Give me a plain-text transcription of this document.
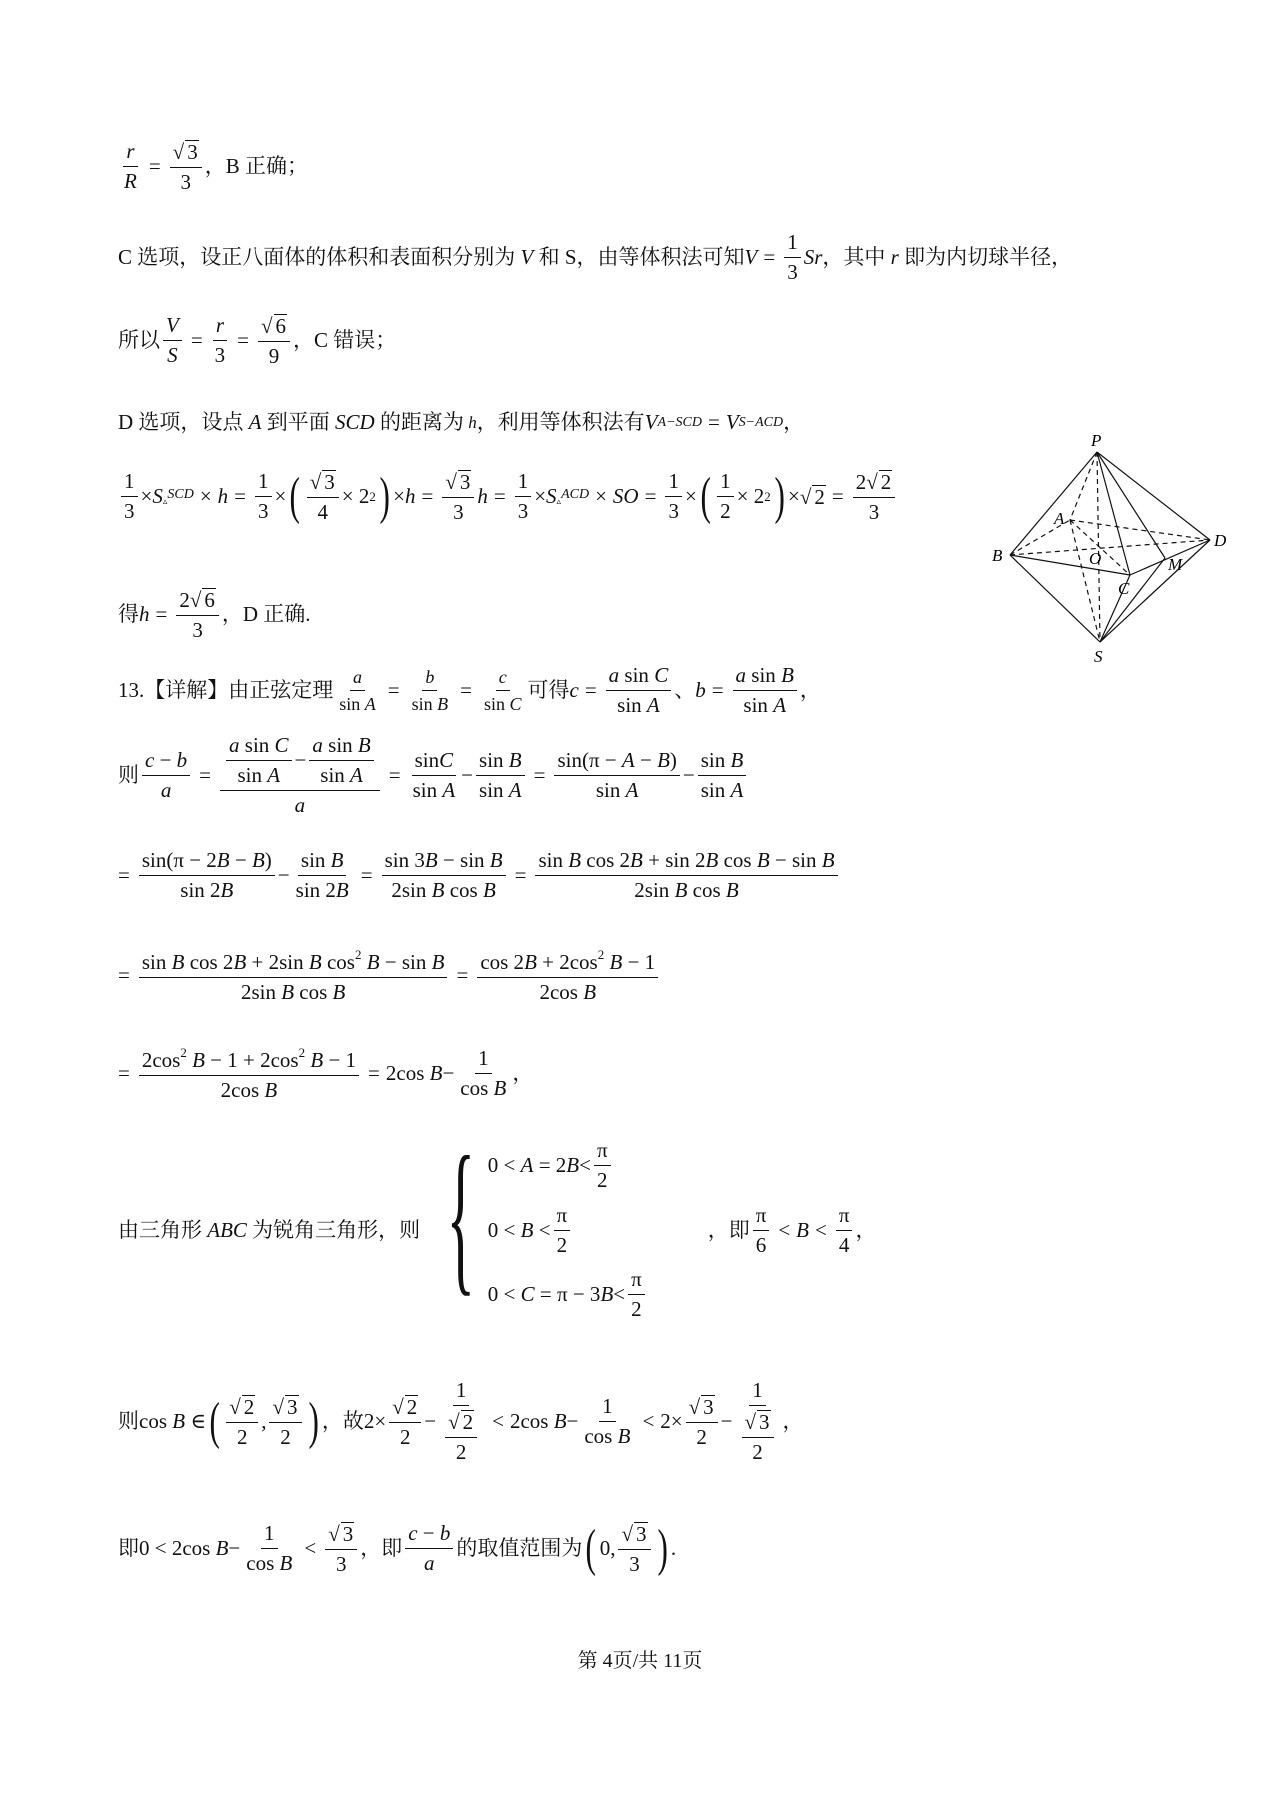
$\frac{r}{R} = \frac{√ 3}{3}$ ，B 正确；
C 选项，设正八面体的体积和表面积分别为 V 和 S ，由等体积法可知 $V = \frac{1}{3}$ Sr ，其中 r 即为内切球半径，
所以 $\frac{V}{S} = \frac{r}{3} = \frac{√ 6}{9}$ ，C 错误；
D 选项，设点 A 到平面 SCD 的距离为 h ，利用等体积法有 V A−SCD = V S−ACD ，
$\frac{1}{3} \times S$ $_▵SCD \times h = \frac{1}{3}$ × ( $\frac{√ 3}{4} \times 2$ 2 ) × $h = \frac{√ 3}{3}$ $h = \frac{1}{3} \times S$ $_▵$ACD × SO = $\frac{1}{3}$ × ( $\frac{1}{2} \times 2$ 2 ) × √ $2 = \frac{2√ 2}{3}$
得 $h = \frac{2√ 6}{3}$ ，D 正确.
13.【详解】由正弦定理 $\frac{a}{\text{sin A}} = \frac{b}{\text{sin B}} = \frac{c}{\text{sin C}}$ 可得 $c = \frac{\text{a sin C}}{\text{sin A}}$ 、 $b = \frac{\text{a sin B}}{\text{sin A}}$ ，
则 $\frac{c - b}{a} = \frac{\frac{\text{a sin C}}{\text{sin A}} - \frac{\text{a sin B}}{\text{sin A}}}{a} = \frac{\sin C}{\text{sin A}} - \frac{\text{sin B}}{\text{sin A}} = \frac{\sin(\pi - A - B)}{\text{sin A}} - \frac{\text{sin B}}{\text{sin A}}$
= $\frac{\sin(\pi - 2B - B)}{\sin 2B} - \frac{\text{sin B}}{\sin 2B} = \frac{\text{sin 3B − sin B}}{\text{2sin B cos B}} = \frac{\text{sin B cos 2B + sin 2B cos B − sin B}}{\text{2sin B cos B}}$
= $\frac{\sin B \cos 2B + 2\sin B \cos^2 B - \sin B}{\text{2sin B cos B}} = \frac{\cos 2B + 2\cos^2 B - 1}{\text{2cos B}}$
= $\frac{2\cos^2 B - 1 + 2\cos^2 B - 1}{\text{2cos B}} = 2\cos$ $B - \frac{1}{\text{cos B}}$ ，
由三角形 ABC 为锐角三角形，则 { 0 < A = 2 $B < \frac{\pi}{2}$
$0 < B < \frac{\pi}{2}$
0 < C = π − 3 $B < \frac{\pi}{2}$
，即 $\frac{\pi}{6} < B < \frac{\pi}{4}$ ，
则 cos B ∈ ( $\frac{√ 2}{2}$ , $\frac{√ 3}{2}$ ) ，故 $2\times \frac{√ 2}{2} - \frac{1}{\frac{√ 2}{2}} < 2\cos$ $B - \frac{1}{\text{cos B}} < 2\times \frac{√ 3}{2} - \frac{1}{\frac{√ 3}{2}}$ ，
即 0 < 2cos $B - \frac{1}{\text{cos B}} < \frac{√ 3}{3}$ ，即 $\frac{c - b}{a}$ 的取值范围为 ( 0, $\frac{√ 3}{3}$ ) .
P
A
B	O
C
D
M
S
第 4页/共 11页
